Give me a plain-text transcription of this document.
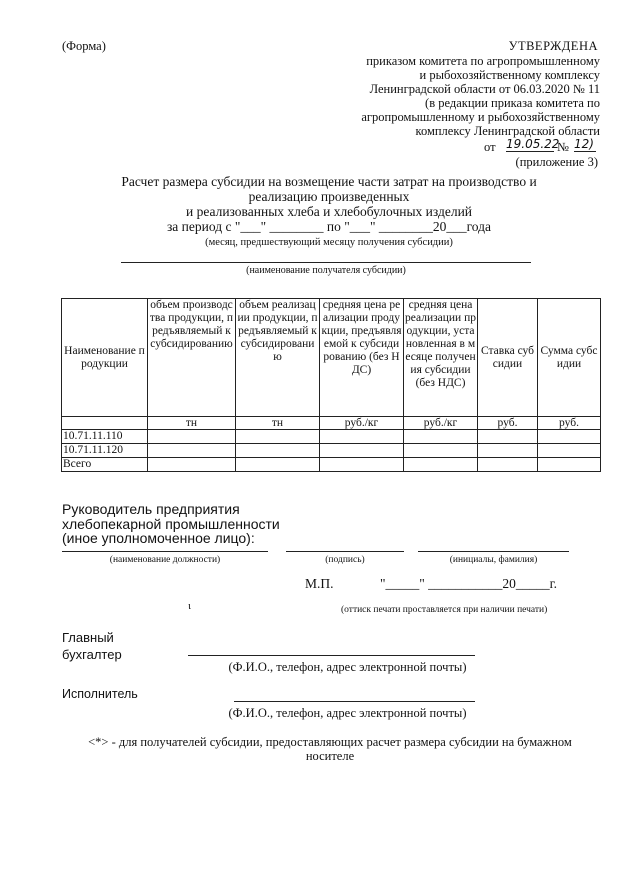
(Форма)	УТВЕРЖДЕНА
приказом комитета по агропромышленному
и рыбохозяйственному комплексу
Ленинградской области от 06.03.2020 № 11
(в редакции приказа комитета по
агропромышленному и рыбохозяйственному
комплексу Ленинградской области
от 19.05.22
№ 12)
(приложение 3)
Расчет размера субсидии на возмещение части затрат на производство и
реализацию произведенных
и реализованных хлеба и хлебобулочных изделий
за период с "___" ________ по "___" ________20___года
(месяц, предшествующий месяцу получения субсидии)
(наименование получателя субсидии)
Наименование продукции	объем производства продукции, предъявляемый к субсидированию	объем реализации продукции, предъявляемый к субсидированию	средняя цена реализации продукции, предъявляемой к субсидированию (без НДС)	средняя цена реализации продукции, установленная в месяце получения субсидии (без НДС)	Ставка субсидии	Сумма субсидии
	тн	тн	руб./кг	руб./кг	руб.	руб.
10.71.11.110						
10.71.11.120						
Всего						
Руководитель предприятия
хлебопекарной промышленности
(иное уполномоченное лицо):
(наименование должности)	(подпись)	(инициалы, фамилия)
М.П.	"_____" ___________20_____г.
ɩ	(оттиск печати проставляется при наличии печати)
Главный
бухгалтер
(Ф.И.О., телефон, адрес электронной почты)
Исполнитель
(Ф.И.О., телефон, адрес электронной почты)
<*> - для получателей субсидии, предоставляющих расчет размера субсидии на бумажном
носителе
